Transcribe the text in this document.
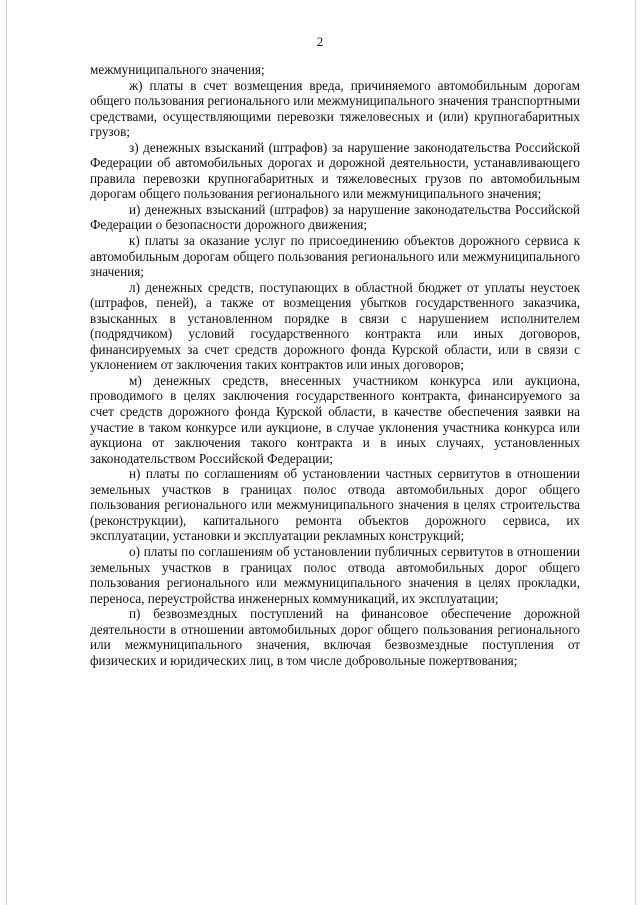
2

межмуниципального значения;

ж) платы в счет возмещения вреда, причиняемого автомобильным дорогам общего пользования регионального или межмуниципального значения транспортными средствами, осуществляющими перевозки тяжеловесных и (или) крупногабаритных грузов;

з) денежных взысканий (штрафов) за нарушение законодательства Российской Федерации об автомобильных дорогах и дорожной деятельности, устанавливающего правила перевозки крупногабаритных и тяжеловесных грузов по автомобильным дорогам общего пользования регионального или межмуниципального значения;

и) денежных взысканий (штрафов) за нарушение законодательства Российской Федерации о безопасности дорожного движения;

к) платы за оказание услуг по присоединению объектов дорожного сервиса к автомобильным дорогам общего пользования регионального или межмуниципального значения;

л) денежных средств, поступающих в областной бюджет от уплаты неустоек (штрафов, пеней), а также от возмещения убытков государственного заказчика, взысканных в установленном порядке в связи с нарушением исполнителем (подрядчиком) условий государственного контракта или иных договоров, финансируемых за счет средств дорожного фонда Курской области, или в связи с уклонением от заключения таких контрактов или иных договоров;

м) денежных средств, внесенных участником конкурса или аукциона, проводимого в целях заключения государственного контракта, финансируемого за счет средств дорожного фонда Курской области, в качестве обеспечения заявки на участие в таком конкурсе или аукционе, в случае уклонения участника конкурса или аукциона от заключения такого контракта и в иных случаях, установленных законодательством Российской Федерации;

н) платы по соглашениям об установлении частных сервитутов в отношении земельных участков в границах полос отвода автомобильных дорог общего пользования регионального или межмуниципального значения в целях строительства (реконструкции), капитального ремонта объектов дорожного сервиса, их эксплуатации, установки и эксплуатации рекламных конструкций;

о) платы по соглашениям об установлении публичных сервитутов в отношении земельных участков в границах полос отвода автомобильных дорог общего пользования регионального или межмуниципального значения в целях прокладки, переноса, переустройства инженерных коммуникаций, их эксплуатации;

п) безвозмездных поступлений на финансовое обеспечение дорожной деятельности в отношении автомобильных дорог общего пользования регионального или межмуниципального значения, включая безвозмездные поступления от физических и юридических лиц, в том числе добровольные пожертвования;
